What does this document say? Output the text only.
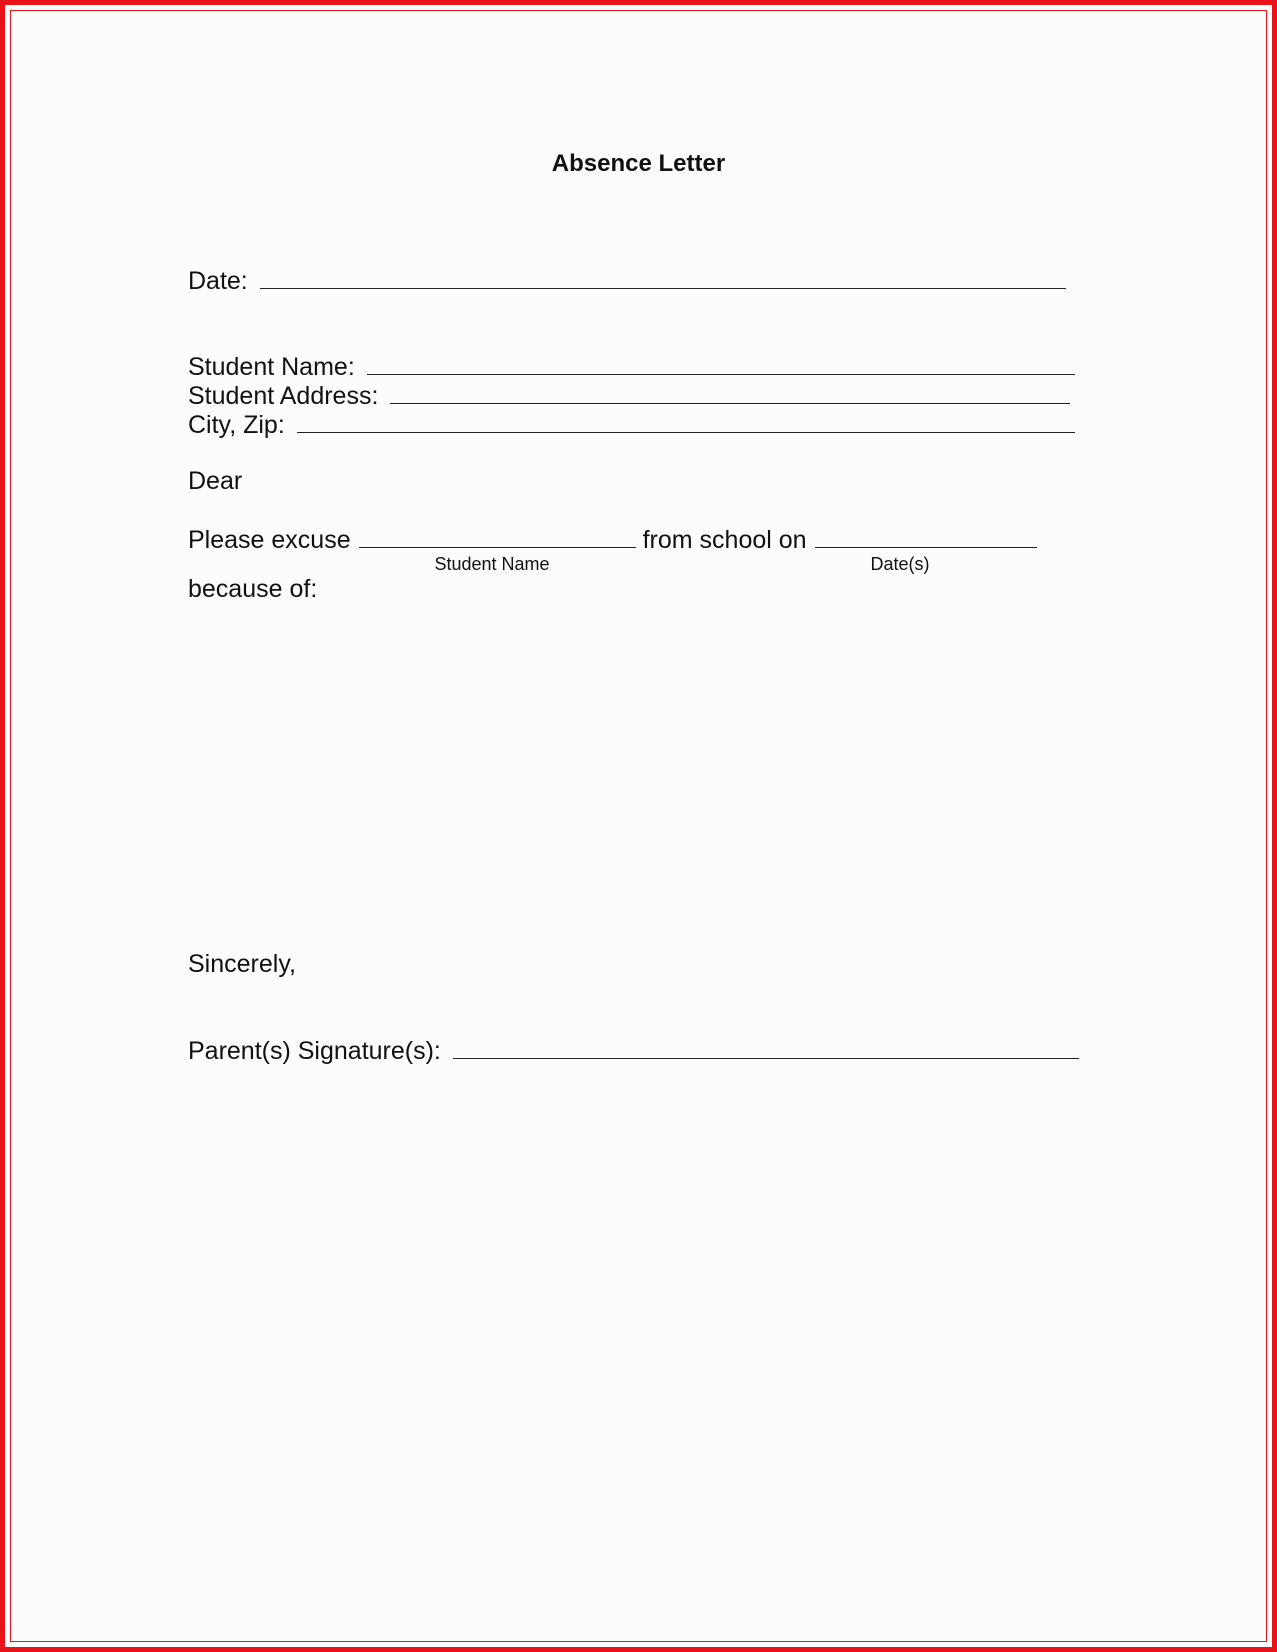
Absence Letter
Date:
Student Name:
Student Address:
City, Zip:
Dear
Please excuse	from school on
Student Name	Date(s)
because of:
Sincerely,
Parent(s) Signature(s):
